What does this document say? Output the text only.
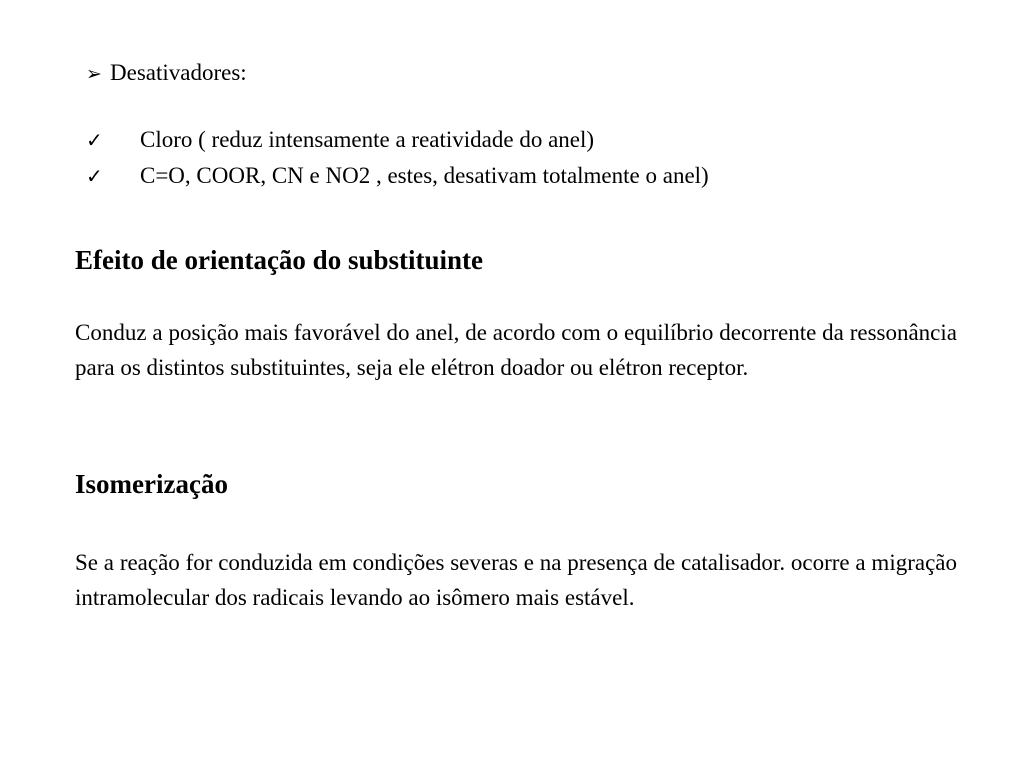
➢ Desativadores:
✓ Cloro ( reduz intensamente a reatividade do anel)
✓ C=O, COOR, CN e NO2 , estes, desativam totalmente o anel)
Efeito de orientação do substituinte

Conduz a posição mais favorável do anel, de acordo com o equilíbrio decorrente da ressonância para os distintos substituintes, seja ele elétron doador ou elétron receptor.

Isomerização

Se a reação for conduzida em condições severas e na presença de catalisador. ocorre a migração intramolecular dos radicais levando ao isômero mais estável.
